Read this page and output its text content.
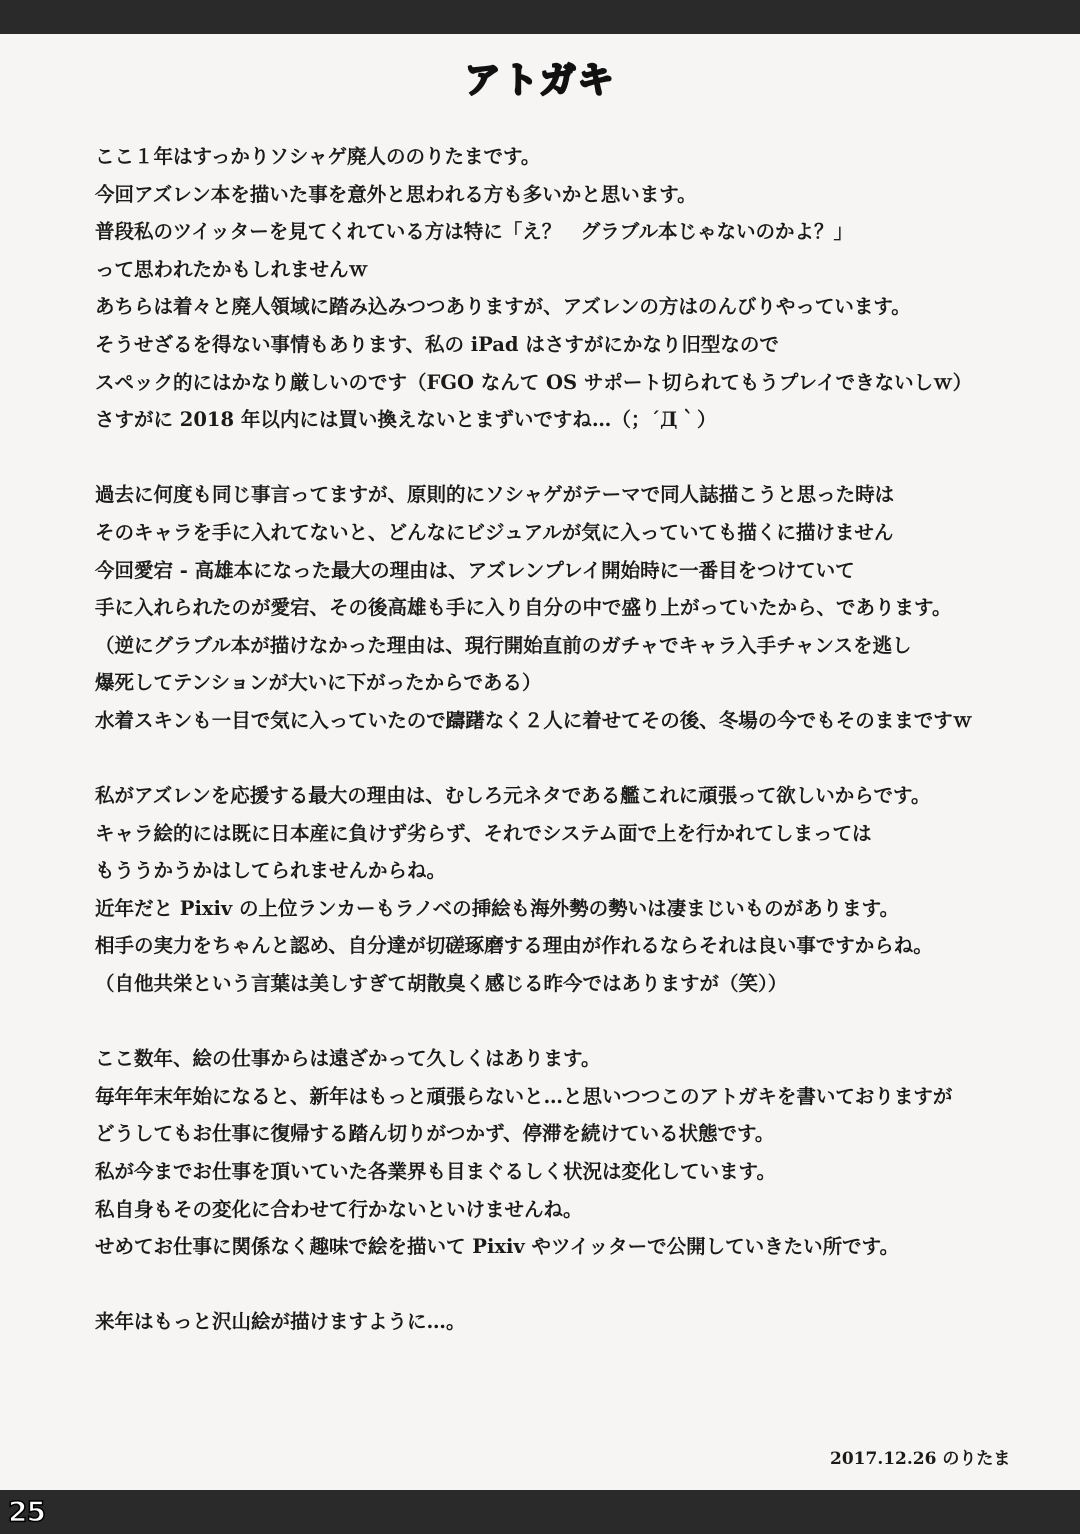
アトガキ
ここ１年はすっかりソシャゲ廃人ののりたまです。
今回アズレン本を描いた事を意外と思われる方も多いかと思います。
普段私のツイッターを見てくれている方は特に「え？　グラブル本じゃないのかよ？」
って思われたかもしれませんｗ
あちらは着々と廃人領域に踏み込みつつありますが、アズレンの方はのんびりやっています。
そうせざるを得ない事情もあります、私の iPad はさすがにかなり旧型なので
スペック的にはかなり厳しいのです（FGO なんて OS サポート切られてもうプレイできないしｗ）
さすがに 2018 年以内には買い換えないとまずいですね…（；´Д｀）
過去に何度も同じ事言ってますが、原則的にソシャゲがテーマで同人誌描こうと思った時は
そのキャラを手に入れてないと、どんなにビジュアルが気に入っていても描くに描けません
今回愛宕 - 高雄本になった最大の理由は、アズレンプレイ開始時に一番目をつけていて
手に入れられたのが愛宕、その後高雄も手に入り自分の中で盛り上がっていたから、であります。
（逆にグラブル本が描けなかった理由は、現行開始直前のガチャでキャラ入手チャンスを逃し
爆死してテンションが大いに下がったからである）
水着スキンも一目で気に入っていたので躊躇なく２人に着せてその後、冬場の今でもそのままですｗ
私がアズレンを応援する最大の理由は、むしろ元ネタである艦これに頑張って欲しいからです。
キャラ絵的には既に日本産に負けず劣らず、それでシステム面で上を行かれてしまっては
もううかうかはしてられませんからね。
近年だと Pixiv の上位ランカーもラノベの挿絵も海外勢の勢いは凄まじいものがあります。
相手の実力をちゃんと認め、自分達が切磋琢磨する理由が作れるならそれは良い事ですからね。
（自他共栄という言葉は美しすぎて胡散臭く感じる昨今ではありますが（笑））
ここ数年、絵の仕事からは遠ざかって久しくはあります。
毎年年末年始になると、新年はもっと頑張らないと…と思いつつこのアトガキを書いておりますが
どうしてもお仕事に復帰する踏ん切りがつかず、停滞を続けている状態です。
私が今までお仕事を頂いていた各業界も目まぐるしく状況は変化しています。
私自身もその変化に合わせて行かないといけませんね。
せめてお仕事に関係なく趣味で絵を描いて Pixiv やツイッターで公開していきたい所です。
来年はもっと沢山絵が描けますように…。
2017.12.26 のりたま
25
